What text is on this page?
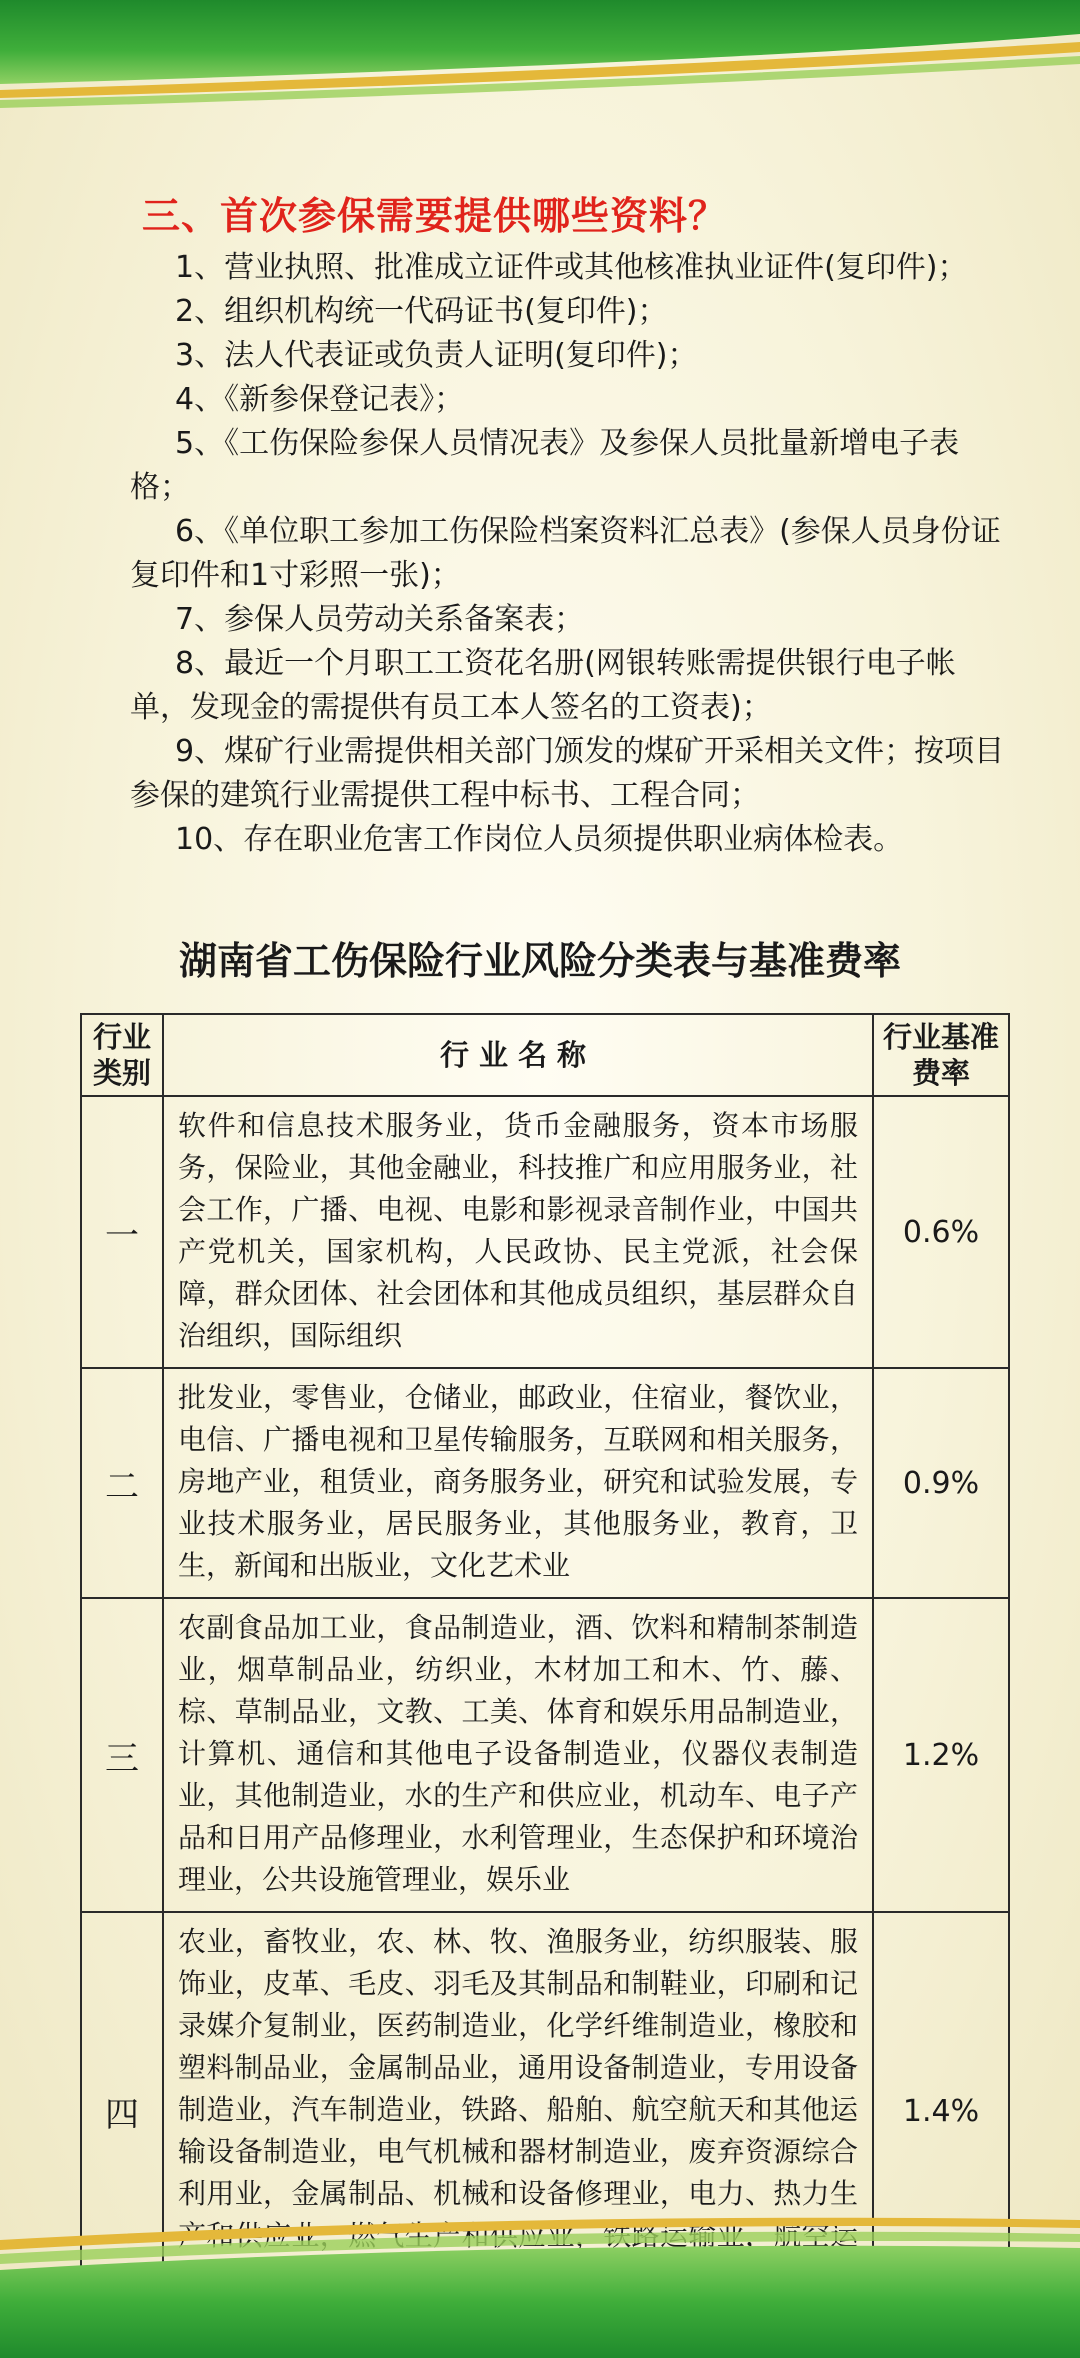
三、首次参保需要提供哪些资料？

1、营业执照、批准成立证件或其他核准执业证件(复印件)；

2、组织机构统一代码证书(复印件)；

3、法人代表证或负责人证明(复印件)；

4、《新参保登记表》；

5、《工伤保险参保人员情况表》及参保人员批量新增电子表格；

6、《单位职工参加工伤保险档案资料汇总表》(参保人员身份证复印件和1寸彩照一张)；

7、参保人员劳动关系备案表；

8、最近一个月职工工资花名册(网银转账需提供银行电子帐单，发现金的需提供有员工本人签名的工资表)；

9、煤矿行业需提供相关部门颁发的煤矿开采相关文件；按项目参保的建筑行业需提供工程中标书、工程合同；

10、存在职业危害工作岗位人员须提供职业病体检表。

湖南省工伤保险行业风险分类表与基准费率
行业类别	行业名称	行业基准费率
一	软件和信息技术服务业，货币金融服务，资本市场服务，保险业，其他金融业，科技推广和应用服务业，社会工作，广播、电视、电影和影视录音制作业，中国共产党机关，国家机构，人民政协、民主党派，社会保障，群众团体、社会团体和其他成员组织，基层群众自治组织，国际组织	0.6%
二	批发业，零售业，仓储业，邮政业，住宿业，餐饮业，电信、广播电视和卫星传输服务，互联网和相关服务，房地产业，租赁业，商务服务业，研究和试验发展，专业技术服务业，居民服务业，其他服务业，教育，卫生，新闻和出版业，文化艺术业	0.9%
三	农副食品加工业，食品制造业，酒、饮料和精制茶制造业，烟草制品业，纺织业，木材加工和木、竹、藤、棕、草制品业，文教、工美、体育和娱乐用品制造业，计算机、通信和其他电子设备制造业，仪器仪表制造业，其他制造业，水的生产和供应业，机动车、电子产品和日用产品修理业，水利管理业，生态保护和环境治理业，公共设施管理业，娱乐业	1.2%
四	农业，畜牧业，农、林、牧、渔服务业，纺织服装、服饰业，皮革、毛皮、羽毛及其制品和制鞋业，印刷和记录媒介复制业，医药制造业，化学纤维制造业，橡胶和塑料制品业，金属制品业，通用设备制造业，专用设备制造业，汽车制造业，铁路、船舶、航空航天和其他运输设备制造业，电气机械和器材制造业，废弃资源综合利用业，金属制品、机械和设备修理业，电力、热力生 供应业，燃气生产和供	1.4%
